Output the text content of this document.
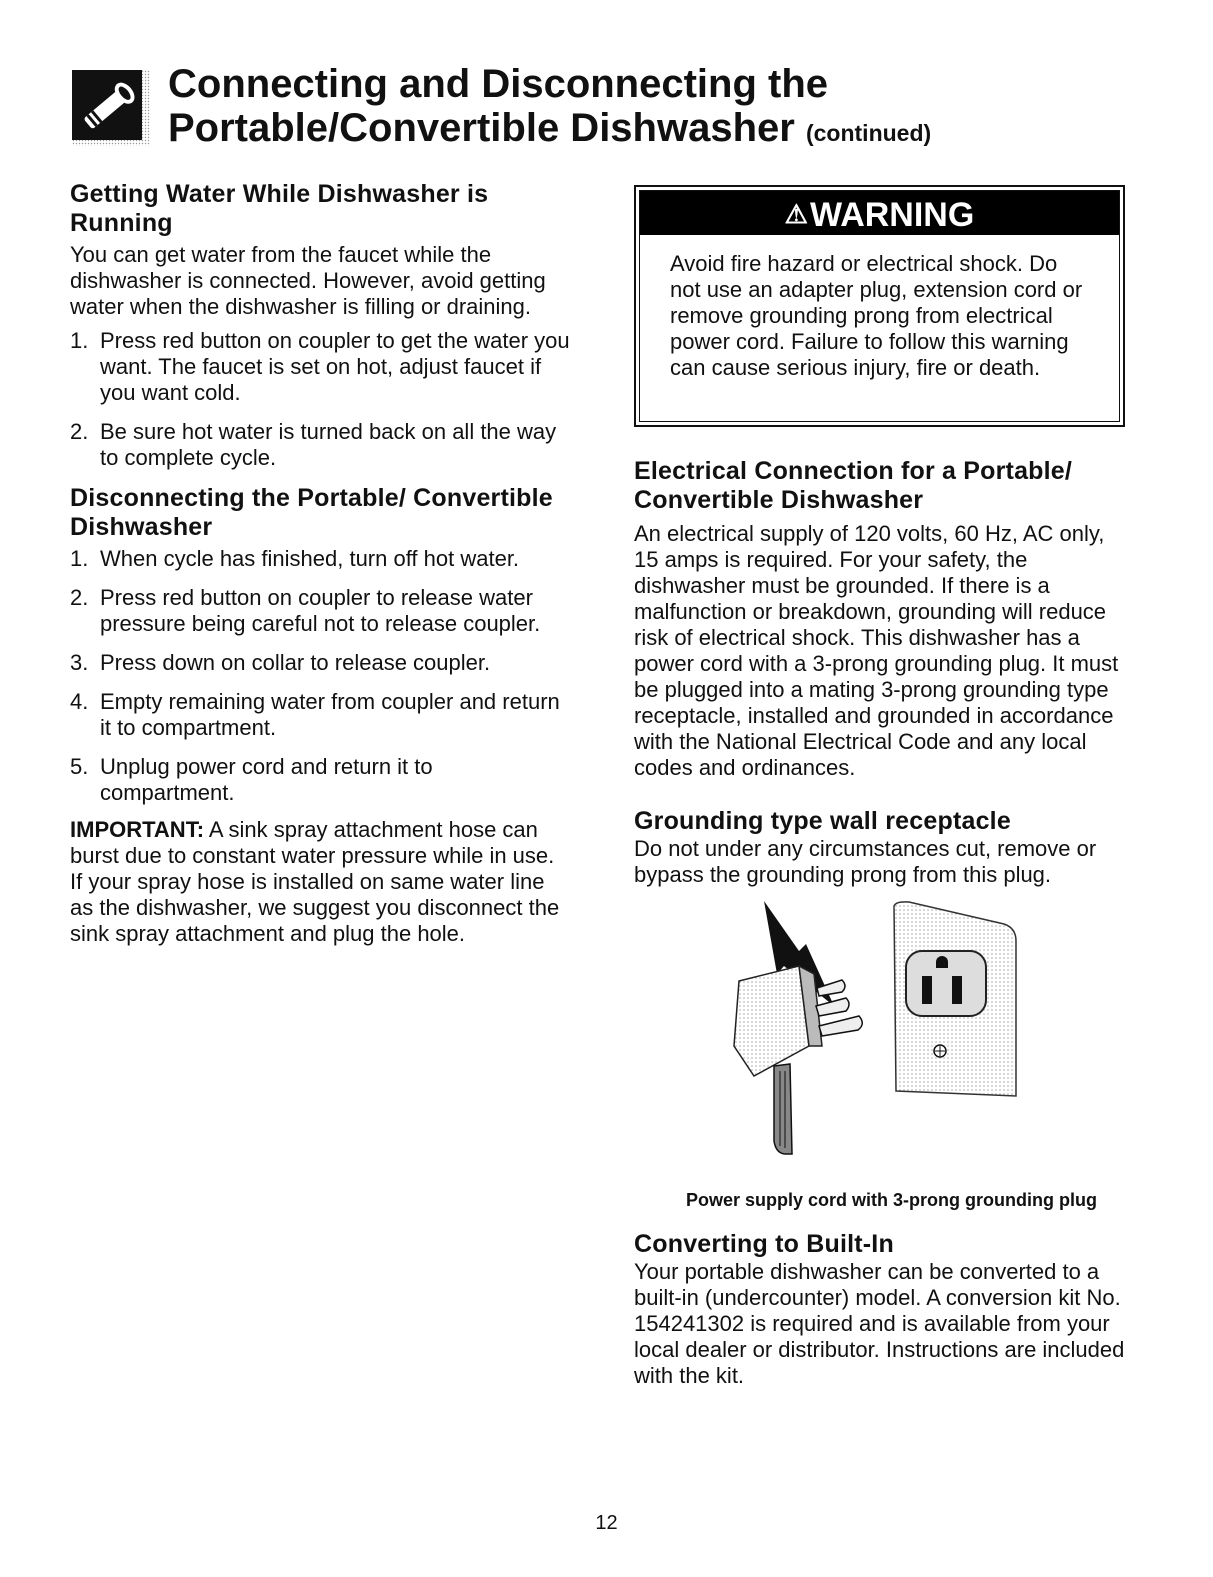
Connecting and Disconnecting the
Portable/Convertible Dishwasher (continued)
Getting Water While Dishwasher is Running

You can get water from the faucet while the dishwasher is connected. However, avoid getting water when the dishwasher is filling or draining.

1. Press red button on coupler to get the water you want. The faucet is set on hot, adjust faucet if you want cold.
2. Be sure hot water is turned back on all the way to complete cycle.
Disconnecting the Portable/ Convertible Dishwasher
1. When cycle has finished, turn off hot water.
2. Press red button on coupler to release water pressure being careful not to release coupler.
3. Press down on collar to release coupler.
4. Empty remaining water from coupler and return it to compartment.
5. Unplug power cord and return it to compartment.

IMPORTANT: A sink spray attachment hose can burst due to constant water pressure while in use. If your spray hose is installed on same water line as the dishwasher, we suggest you disconnect the sink spray attachment and plug the hole.

⚠WARNING

Avoid fire hazard or electrical shock. Do not use an adapter plug, extension cord or remove grounding prong from electrical power cord. Failure to follow this warning can cause serious injury, fire or death.

Electrical Connection for a Portable/ Convertible Dishwasher

An electrical supply of 120 volts, 60 Hz, AC only, 15 amps is required. For your safety, the dishwasher must be grounded. If there is a malfunction or breakdown, grounding will reduce risk of electrical shock. This dishwasher has a power cord with a 3-prong grounding plug. It must be plugged into a mating 3-prong grounding type receptacle, installed and grounded in accordance with the National Electrical Code and any local codes and ordinances.

Grounding type wall receptacle

Do not under any circumstances cut, remove or bypass the grounding prong from this plug.

Power supply cord with 3-prong grounding plug
Converting to Built-In

Your portable dishwasher can be converted to a built-in (undercounter) model. A conversion kit No. 154241302 is required and is available from your local dealer or distributor. Instructions are included with the kit.

12
